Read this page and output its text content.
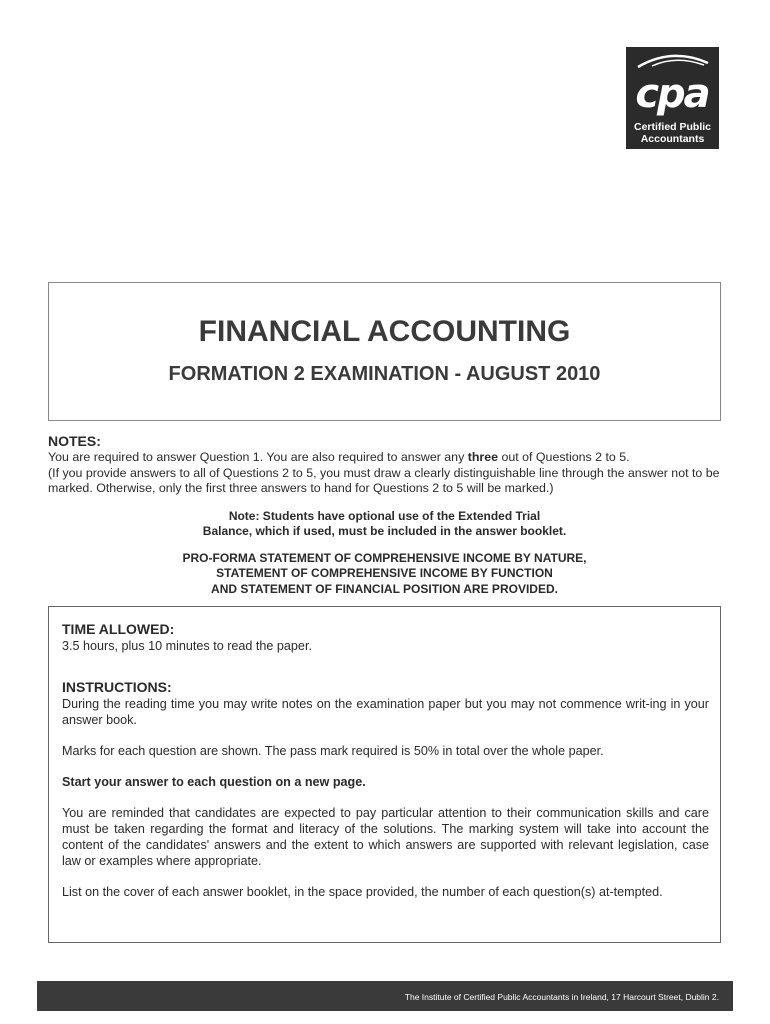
cpa
Certified Public
Accountants
FINANCIAL ACCOUNTING
FORMATION 2 EXAMINATION - AUGUST 2010

NOTES:

You are required to answer Question 1. You are also required to answer any three out of Questions 2 to 5.

(If you provide answers to all of Questions 2 to 5, you must draw a clearly distinguishable line through the answer not to be marked. Otherwise, only the first three answers to hand for Questions 2 to 5 will be marked.)

Note: Students have optional use of the Extended Trial
Balance, which if used, must be included in the answer booklet.
PRO-FORMA STATEMENT OF COMPREHENSIVE INCOME BY NATURE,
STATEMENT OF COMPREHENSIVE INCOME BY FUNCTION
AND STATEMENT OF FINANCIAL POSITION ARE PROVIDED.

TIME ALLOWED:

3.5 hours, plus 10 minutes to read the paper.

INSTRUCTIONS:

During the reading time you may write notes on the examination paper but you may not commence writ-ing in your answer book.

Marks for each question are shown. The pass mark required is 50% in total over the whole paper.

Start your answer to each question on a new page.

You are reminded that candidates are expected to pay particular attention to their communication skills and care must be taken regarding the format and literacy of the solutions. The marking system will take into account the content of the candidates' answers and the extent to which answers are supported with relevant legislation, case law or examples where appropriate.

List on the cover of each answer booklet, in the space provided, the number of each question(s) at-tempted.

The Institute of Certified Public Accountants in Ireland, 17 Harcourt Street, Dublin 2.
